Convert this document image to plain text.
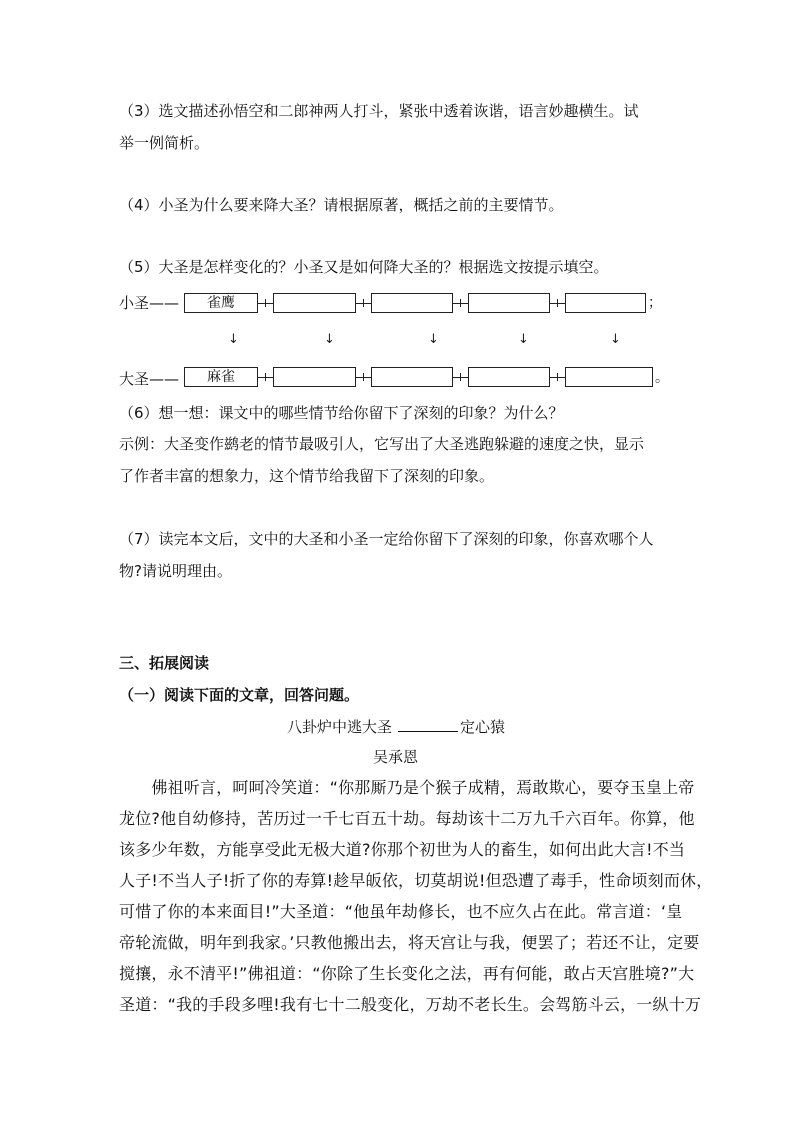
（3）选文描述孙悟空和二郎神两人打斗，紧张中透着诙谐，语言妙趣横生。试
举一例简析。
（4）小圣为什么要来降大圣？请根据原著，概括之前的主要情节。
（5）大圣是怎样变化的？小圣又是如何降大圣的？根据选文按提示填空。
小圣——	雀鹰	；
↓	↓	↓	↓	↓
大圣——	麻雀	。
（6）想一想：课文中的哪些情节给你留下了深刻的印象？为什么？
示例：大圣变作鹚老的情节最吸引人，它写出了大圣逃跑躲避的速度之快，显示
了作者丰富的想象力，这个情节给我留下了深刻的印象。
（7）读完本文后，文中的大圣和小圣一定给你留下了深刻的印象，你喜欢哪个人
物?请说明理由。
三、拓展阅读
（一）阅读下面的文章，回答问题。
八卦炉中逃大圣	定心猿
吴承恩
　　佛祖听言，呵呵冷笑道：“你那厮乃是个猴子成精，焉敢欺心，要夺玉皇上帝
龙位?他自幼修持，苦历过一千七百五十劫。每劫该十二万九千六百年。你算，他
该多少年数，方能享受此无极大道?你那个初世为人的畜生，如何出此大言!不当
人子!不当人子!折了你的寿算!趁早皈依，切莫胡说!但恐遭了毒手，性命顷刻而休，
可惜了你的本来面目!”大圣道：“他虽年劫修长，也不应久占在此。常言道：‘皇
帝轮流做，明年到我家。’只教他搬出去，将天宫让与我，便罢了；若还不让，定要
搅攘，永不清平!”佛祖道：“你除了生长变化之法，再有何能，敢占天宫胜境?”大
圣道：“我的手段多哩!我有七十二般变化，万劫不老长生。会驾筋斗云，一纵十万
